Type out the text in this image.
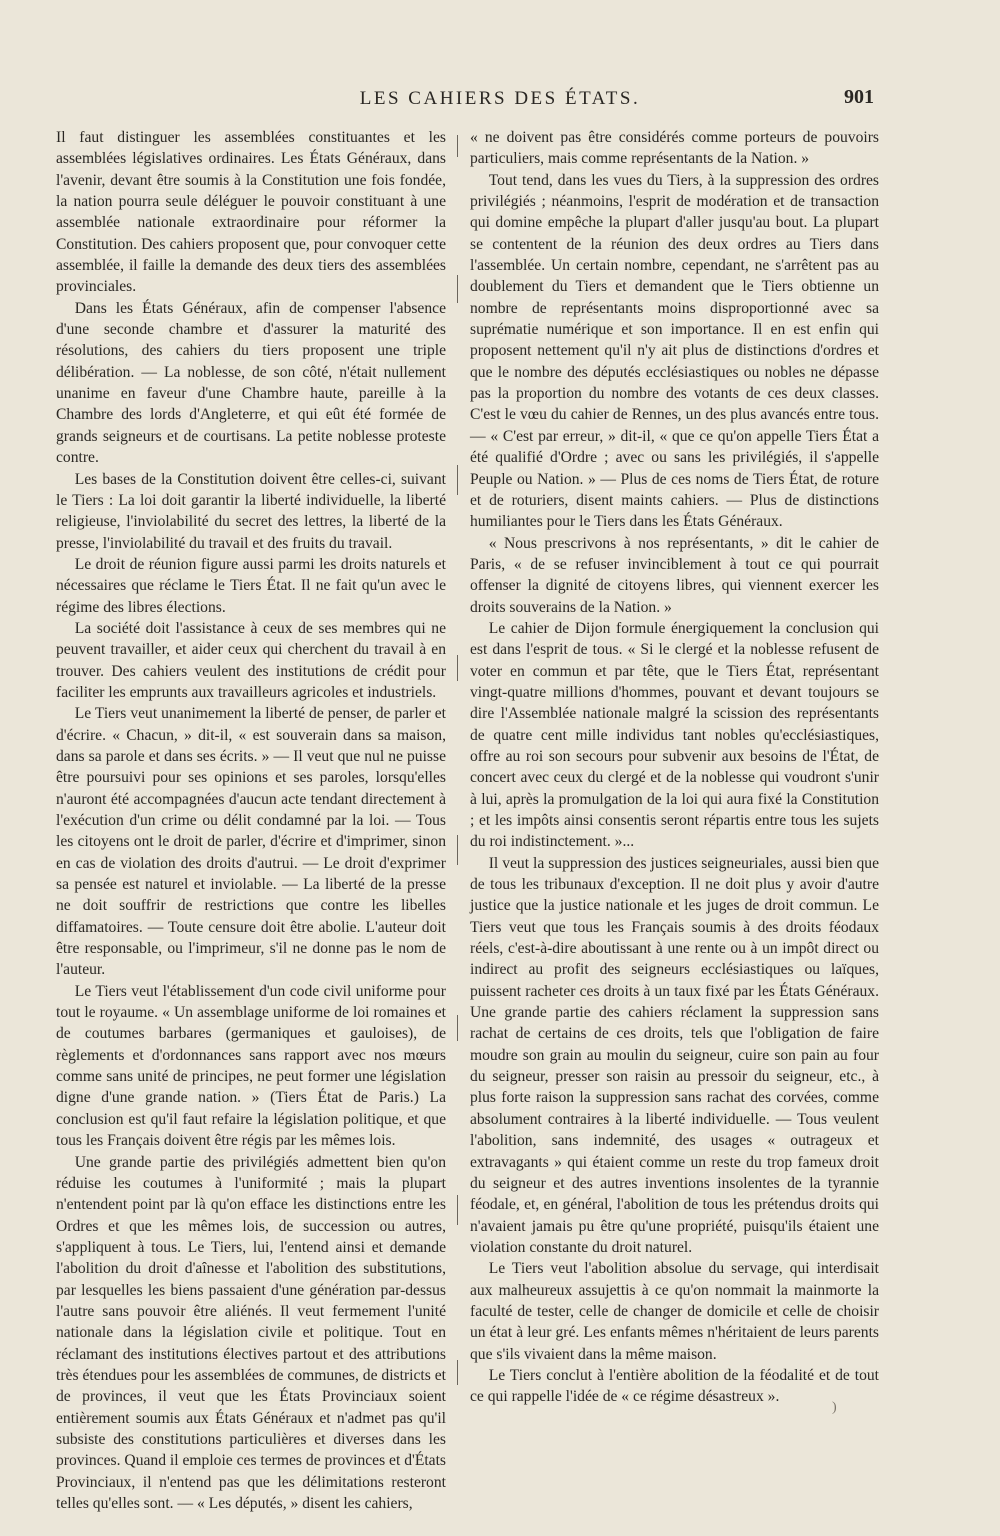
LES CAHIERS DES ÉTATS.	901

Il faut distinguer les assemblées constituantes et les assemblées législatives ordinaires. Les États Généraux, dans l'avenir, devant être soumis à la Constitution une fois fondée, la nation pourra seule déléguer le pouvoir constituant à une assemblée nationale extraordinaire pour réformer la Constitution. Des cahiers proposent que, pour convoquer cette assemblée, il faille la demande des deux tiers des assemblées provinciales.

Dans les États Généraux, afin de compenser l'absence d'une seconde chambre et d'assurer la maturité des résolutions, des cahiers du tiers proposent une triple délibération. — La noblesse, de son côté, n'était nullement unanime en faveur d'une Chambre haute, pareille à la Chambre des lords d'Angleterre, et qui eût été formée de grands seigneurs et de courtisans. La petite noblesse proteste contre.

Les bases de la Constitution doivent être celles-ci, suivant le Tiers : La loi doit garantir la liberté individuelle, la liberté religieuse, l'inviolabilité du secret des lettres, la liberté de la presse, l'inviolabilité du travail et des fruits du travail.

Le droit de réunion figure aussi parmi les droits naturels et nécessaires que réclame le Tiers État. Il ne fait qu'un avec le régime des libres élections.

La société doit l'assistance à ceux de ses membres qui ne peuvent travailler, et aider ceux qui cherchent du travail à en trouver. Des cahiers veulent des institutions de crédit pour faciliter les emprunts aux travailleurs agricoles et industriels.

Le Tiers veut unanimement la liberté de penser, de parler et d'écrire. « Chacun, » dit-il, « est souverain dans sa maison, dans sa parole et dans ses écrits. » — Il veut que nul ne puisse être poursuivi pour ses opinions et ses paroles, lorsqu'elles n'auront été accompagnées d'aucun acte tendant directement à l'exécution d'un crime ou délit condamné par la loi. — Tous les citoyens ont le droit de parler, d'écrire et d'imprimer, sinon en cas de violation des droits d'autrui. — Le droit d'exprimer sa pensée est naturel et inviolable. — La liberté de la presse ne doit souffrir de restrictions que contre les libelles diffamatoires. — Toute censure doit être abolie. L'auteur doit être responsable, ou l'imprimeur, s'il ne donne pas le nom de l'auteur.

Le Tiers veut l'établissement d'un code civil uniforme pour tout le royaume. « Un assemblage uniforme de loi romaines et de coutumes barbares (germaniques et gauloises), de règlements et d'ordonnances sans rapport avec nos mœurs comme sans unité de principes, ne peut former une législation digne d'une grande nation. » (Tiers État de Paris.) La conclusion est qu'il faut refaire la législation politique, et que tous les Français doivent être régis par les mêmes lois.

Une grande partie des privilégiés admettent bien qu'on réduise les coutumes à l'uniformité ; mais la plupart n'entendent point par là qu'on efface les distinctions entre les Ordres et que les mêmes lois, de succession ou autres, s'appliquent à tous. Le Tiers, lui, l'entend ainsi et demande l'abolition du droit d'aînesse et l'abolition des substitutions, par lesquelles les biens passaient d'une génération par-dessus l'autre sans pouvoir être aliénés. Il veut fermement l'unité nationale dans la législation civile et politique. Tout en réclamant des institutions électives partout et des attributions très étendues pour les assemblées de communes, de districts et de provinces, il veut que les États Provinciaux soient entièrement soumis aux États Généraux et n'admet pas qu'il subsiste des constitutions particulières et diverses dans les provinces. Quand il emploie ces termes de provinces et d'États Provinciaux, il n'entend pas que les délimitations resteront telles qu'elles sont. — « Les députés, » disent les cahiers,

« ne doivent pas être considérés comme porteurs de pouvoirs particuliers, mais comme représentants de la Nation. »

Tout tend, dans les vues du Tiers, à la suppression des ordres privilégiés ; néanmoins, l'esprit de modération et de transaction qui domine empêche la plupart d'aller jusqu'au bout. La plupart se contentent de la réunion des deux ordres au Tiers dans l'assemblée. Un certain nombre, cependant, ne s'arrêtent pas au doublement du Tiers et demandent que le Tiers obtienne un nombre de représentants moins disproportionné avec sa suprématie numérique et son importance. Il en est enfin qui proposent nettement qu'il n'y ait plus de distinctions d'ordres et que le nombre des députés ecclésiastiques ou nobles ne dépasse pas la proportion du nombre des votants de ces deux classes. C'est le vœu du cahier de Rennes, un des plus avancés entre tous. — « C'est par erreur, » dit-il, « que ce qu'on appelle Tiers État a été qualifié d'Ordre ; avec ou sans les privilégiés, il s'appelle Peuple ou Nation. » — Plus de ces noms de Tiers État, de roture et de roturiers, disent maints cahiers. — Plus de distinctions humiliantes pour le Tiers dans les États Généraux.

« Nous prescrivons à nos représentants, » dit le cahier de Paris, « de se refuser invinciblement à tout ce qui pourrait offenser la dignité de citoyens libres, qui viennent exercer les droits souverains de la Nation. »

Le cahier de Dijon formule énergiquement la conclusion qui est dans l'esprit de tous. « Si le clergé et la noblesse refusent de voter en commun et par tête, que le Tiers État, représentant vingt-quatre millions d'hommes, pouvant et devant toujours se dire l'Assemblée nationale malgré la scission des représentants de quatre cent mille individus tant nobles qu'ecclésiastiques, offre au roi son secours pour subvenir aux besoins de l'État, de concert avec ceux du clergé et de la noblesse qui voudront s'unir à lui, après la promulgation de la loi qui aura fixé la Constitution ; et les impôts ainsi consentis seront répartis entre tous les sujets du roi indistinctement. »...

Il veut la suppression des justices seigneuriales, aussi bien que de tous les tribunaux d'exception. Il ne doit plus y avoir d'autre justice que la justice nationale et les juges de droit commun. Le Tiers veut que tous les Français soumis à des droits féodaux réels, c'est-à-dire aboutissant à une rente ou à un impôt direct ou indirect au profit des seigneurs ecclésiastiques ou laïques, puissent racheter ces droits à un taux fixé par les États Généraux. Une grande partie des cahiers réclament la suppression sans rachat de certains de ces droits, tels que l'obligation de faire moudre son grain au moulin du seigneur, cuire son pain au four du seigneur, presser son raisin au pressoir du seigneur, etc., à plus forte raison la suppression sans rachat des corvées, comme absolument contraires à la liberté individuelle. — Tous veulent l'abolition, sans indemnité, des usages « outrageux et extravagants » qui étaient comme un reste du trop fameux droit du seigneur et des autres inventions insolentes de la tyrannie féodale, et, en général, l'abolition de tous les prétendus droits qui n'avaient jamais pu être qu'une propriété, puisqu'ils étaient une violation constante du droit naturel.

Le Tiers veut l'abolition absolue du servage, qui interdisait aux malheureux assujettis à ce qu'on nommait la mainmorte la faculté de tester, celle de changer de domicile et celle de choisir un état à leur gré. Les enfants mêmes n'héritaient de leurs parents que s'ils vivaient dans la même maison.

Le Tiers conclut à l'entière abolition de la féodalité et de tout ce qui rappelle l'idée de « ce régime désastreux ».

)
